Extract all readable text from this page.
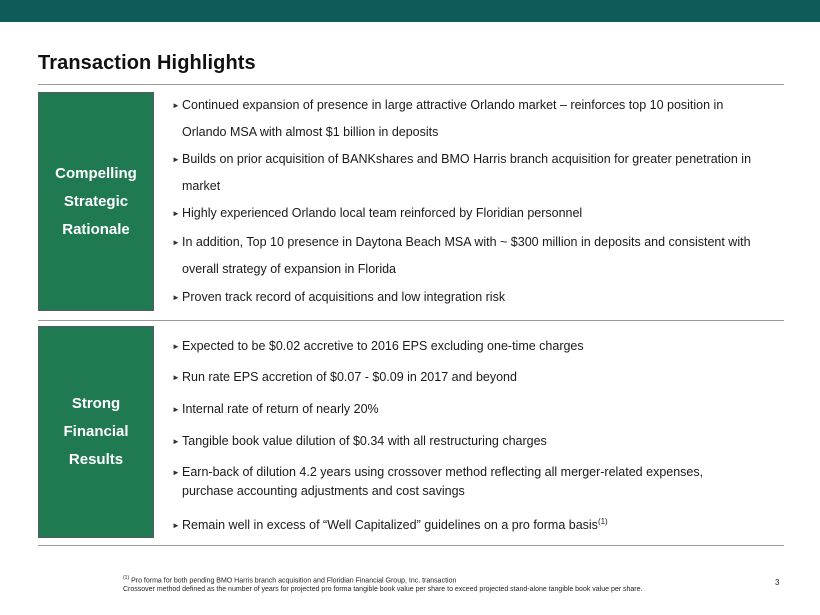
Transaction Highlights
Compelling
Strategic
Rationale
► Continued expansion of presence in large attractive Orlando market – reinforces top 10 position in
Orlando MSA with almost $1 billion in deposits
► Builds on prior acquisition of BANKshares and BMO Harris branch acquisition for greater penetration in
market
► Highly experienced Orlando local team reinforced by Floridian personnel
► In addition, Top 10 presence in Daytona Beach MSA with ~ $300 million in deposits and consistent with
overall strategy of expansion in Florida
► Proven track record of acquisitions and low integration risk
Strong
Financial
Results
► Expected to be $0.02 accretive to 2016 EPS excluding one-time charges
► Run rate EPS accretion of $0.07 - $0.09 in 2017 and beyond
► Internal rate of return of nearly 20%
► Tangible book value dilution of $0.34 with all restructuring charges
► Earn-back of dilution 4.2 years using crossover method reflecting all merger-related expenses,
purchase accounting adjustments and cost savings
► Remain well in excess of “Well Capitalized” guidelines on a pro forma basis$^{(1)}$
$^{(1)}$ Pro forma for both pending BMO Harris branch acquisition and Floridian Financial Group, Inc. transaction
Crossover method defined as the number of years for projected pro forma tangible book value per share to exceed projected stand-alone tangible book value per share.
3
